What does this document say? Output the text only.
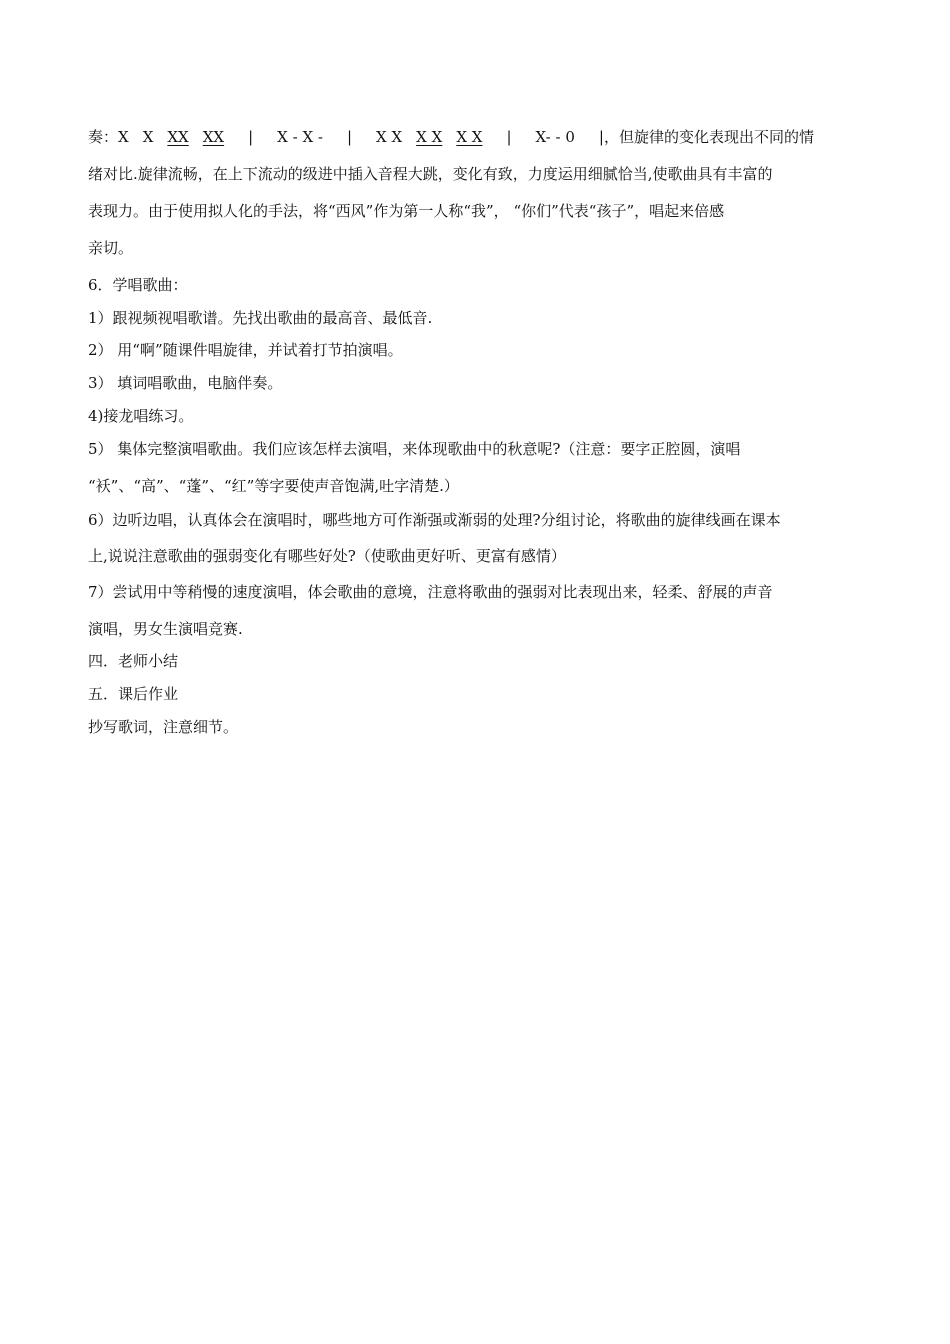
奏：X X XX XX | X - X - | X X X X X X | X- - 0 |，但旋律的变化表现出不同的情
绪对比.旋律流畅，在上下流动的级进中插入音程大跳，变化有致，力度运用细腻恰当,使歌曲具有丰富的
表现力。由于使用拟人化的手法，将“西风”作为第一人称“我”， “你们”代表“孩子”，唱起来倍感
亲切。
6．学唱歌曲：
1）跟视频视唱歌谱。先找出歌曲的最高音、最低音.
2） 用“啊”随课件唱旋律，并试着打节拍演唱。
3） 填词唱歌曲，电脑伴奏。
4)接龙唱练习。
5） 集体完整演唱歌曲。我们应该怎样去演唱，来体现歌曲中的秋意呢?（注意：要字正腔圆，演唱
“袄”、“高”、“蓬”、“红”等字要使声音饱满,吐字清楚.）
6）边听边唱，认真体会在演唱时，哪些地方可作渐强或渐弱的处理?分组讨论，将歌曲的旋律线画在课本
上,说说注意歌曲的强弱变化有哪些好处?（使歌曲更好听、更富有感情）
7）尝试用中等稍慢的速度演唱，体会歌曲的意境，注意将歌曲的强弱对比表现出来，轻柔、舒展的声音
演唱，男女生演唱竞赛.
四．老师小结
五．课后作业
抄写歌词，注意细节。
